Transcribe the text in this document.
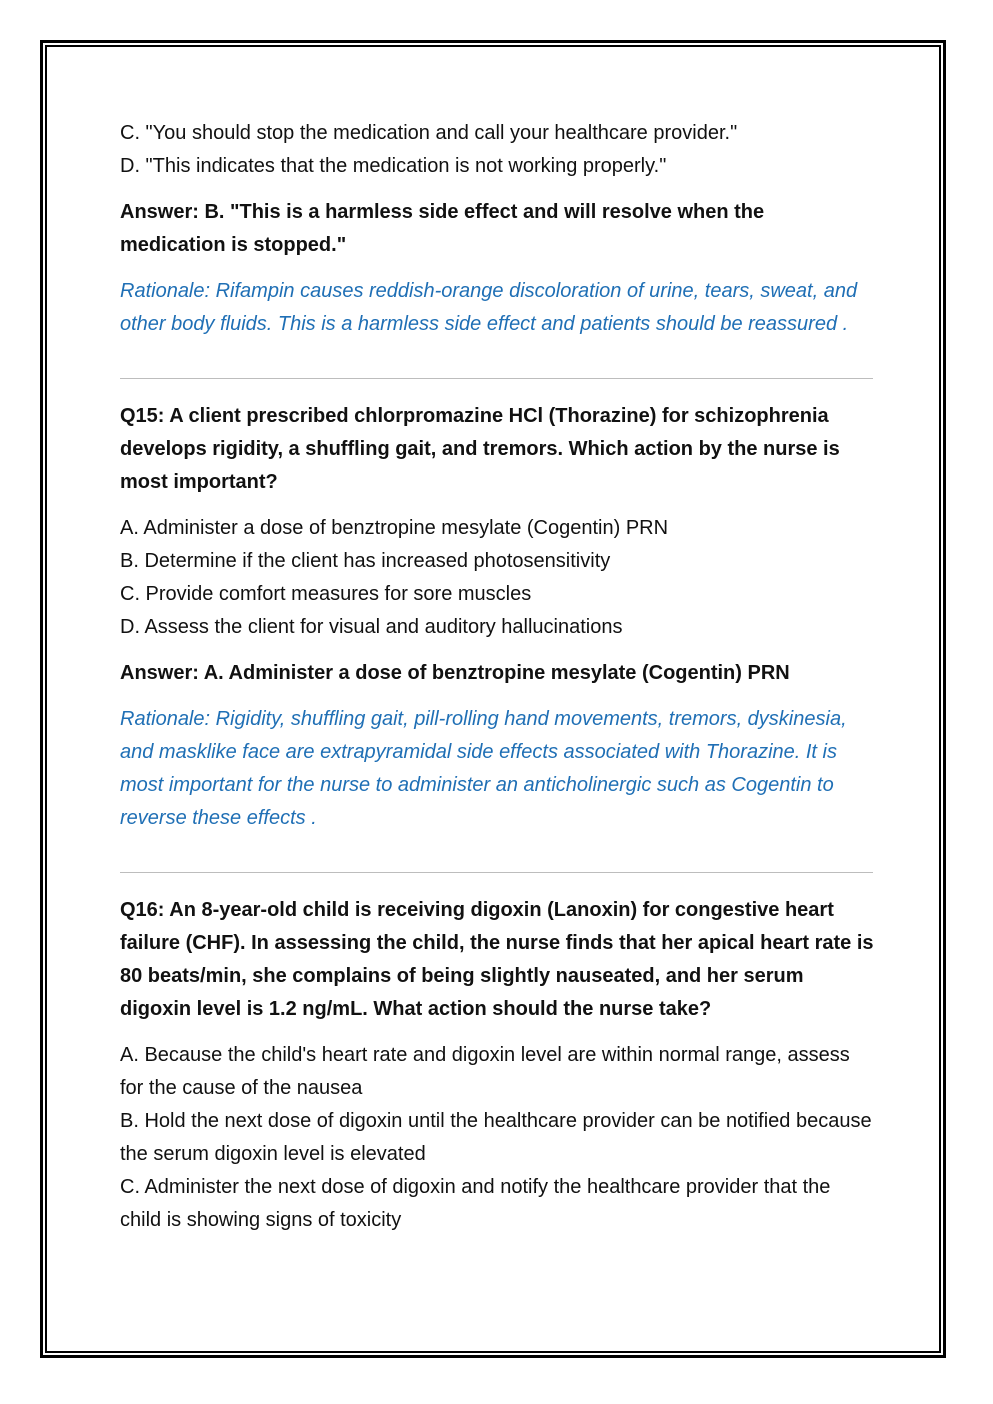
C. "You should stop the medication and call your healthcare provider."

D. "This indicates that the medication is not working properly."

Answer: B. "This is a harmless side effect and will resolve when the medication is stopped."

Rationale: Rifampin causes reddish-orange discoloration of urine, tears, sweat, and other body fluids. This is a harmless side effect and patients should be reassured .

Q15: A client prescribed chlorpromazine HCl (Thorazine) for schizophrenia develops rigidity, a shuffling gait, and tremors. Which action by the nurse is most important?

A. Administer a dose of benztropine mesylate (Cogentin) PRN

B. Determine if the client has increased photosensitivity

C. Provide comfort measures for sore muscles

D. Assess the client for visual and auditory hallucinations

Answer: A. Administer a dose of benztropine mesylate (Cogentin) PRN

Rationale: Rigidity, shuffling gait, pill-rolling hand movements, tremors, dyskinesia, and masklike face are extrapyramidal side effects associated with Thorazine. It is most important for the nurse to administer an anticholinergic such as Cogentin to reverse these effects .

Q16: An 8-year-old child is receiving digoxin (Lanoxin) for congestive heart failure (CHF). In assessing the child, the nurse finds that her apical heart rate is 80 beats/min, she complains of being slightly nauseated, and her serum digoxin level is 1.2 ng/mL. What action should the nurse take?

A. Because the child's heart rate and digoxin level are within normal range, assess for the cause of the nausea

B. Hold the next dose of digoxin until the healthcare provider can be notified because the serum digoxin level is elevated

C. Administer the next dose of digoxin and notify the healthcare provider that the child is showing signs of toxicity
